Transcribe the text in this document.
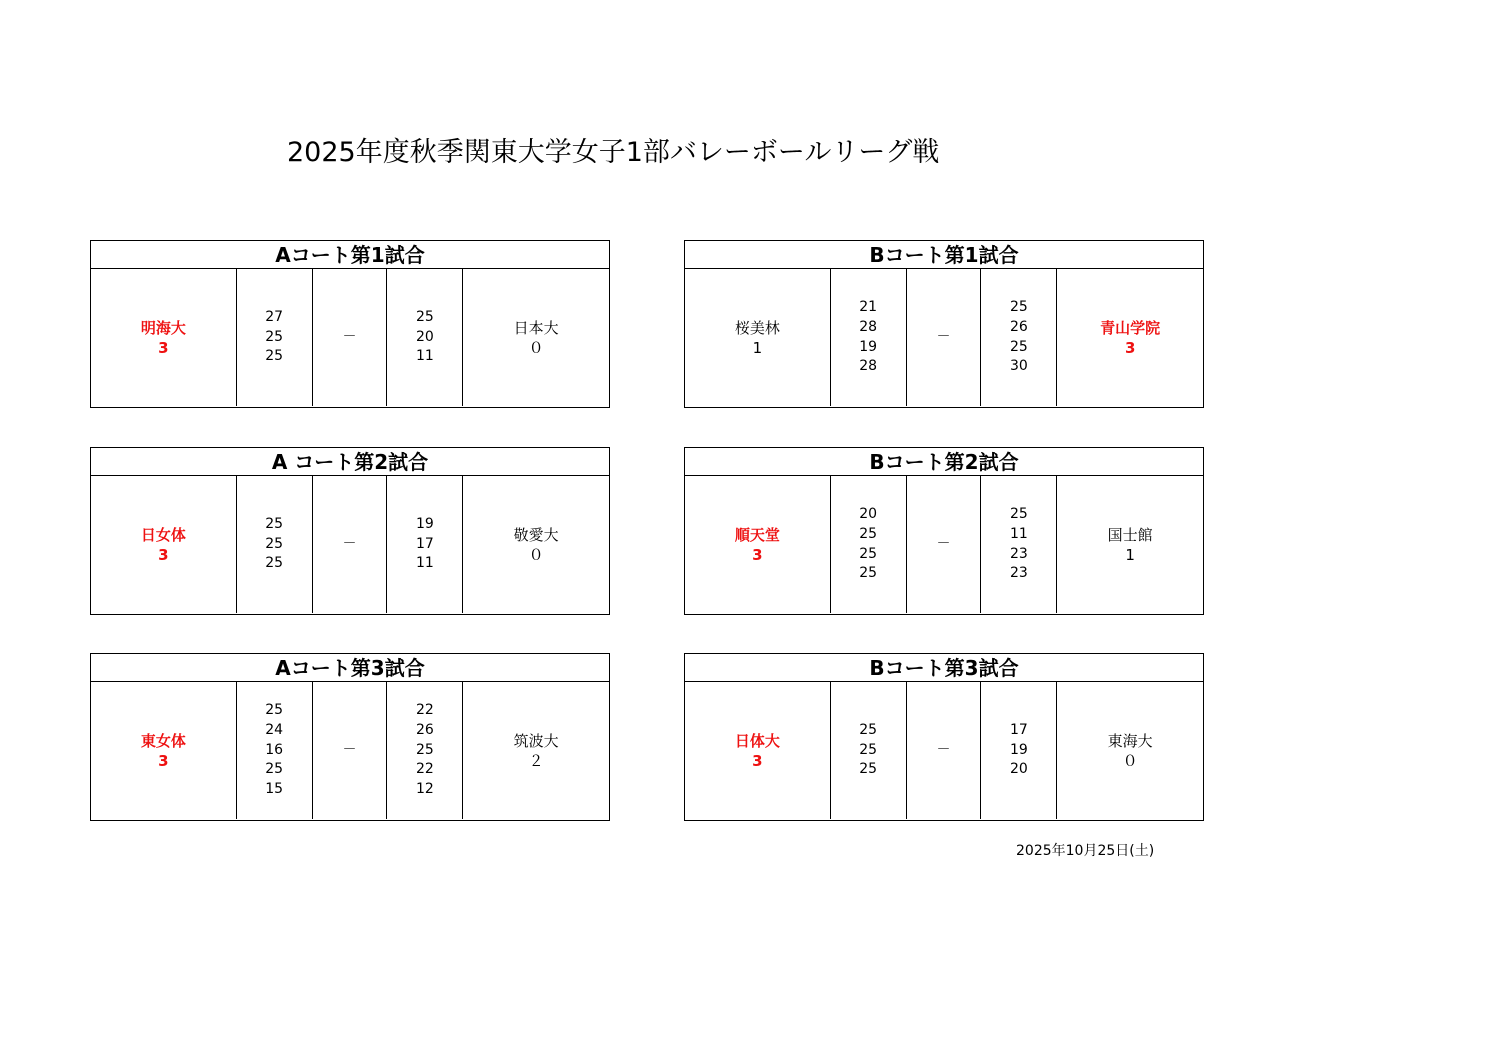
2025年度秋季関東大学女子1部バレーボールリーグ戦
Aコート第1試合
明海大
3
27
25
25
－
25
20
11
日本大
０
Bコート第1試合
桜美林
1
21
28
19
28
－
25
26
25
30
青山学院
3
A コート第2試合
日女体
3
25
25
25
－
19
17
11
敬愛大
０
Bコート第2試合
順天堂
3
20
25
25
25
－
25
11
23
23
国士館
1
Aコート第3試合
東女体
3
25
24
16
25
15
－
22
26
25
22
12
筑波大
２
Bコート第3試合
日体大
3
25
25
25
－
17
19
20
東海大
０
2025年10月25日(土)
